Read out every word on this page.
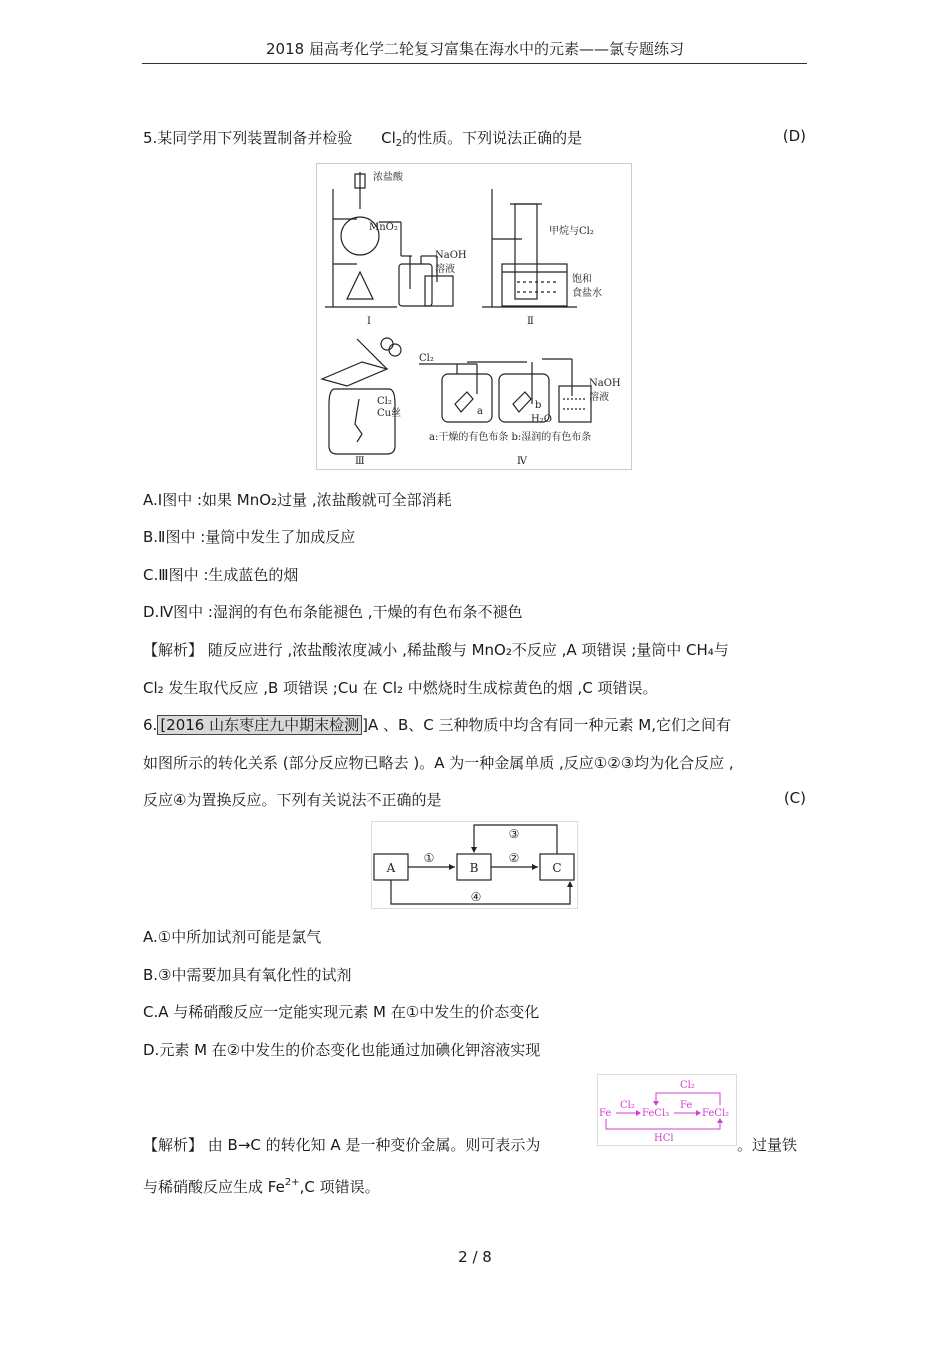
2018 届高考化学二轮复习富集在海水中的元素——氯专题练习
5.某同学用下列装置制备并检验 $Cl_2$的性质。下列说法正确的是	(D)
浓盐酸
MnO₂
NaOH
溶液
甲烷与Cl₂
饱和
食盐水
Ⅰ	Ⅱ
Cl₂
Cu丝
Ⅲ
Cl₂
a
b
H₂O
NaOH
溶液
a:干燥的有色布条 b:湿润的有色布条
Ⅳ
A.Ⅰ图中 :如果 MnO₂过量 ,浓盐酸就可全部消耗
B.Ⅱ图中 :量筒中发生了加成反应
C.Ⅲ图中 :生成蓝色的烟
D.Ⅳ图中 :湿润的有色布条能褪色 ,干燥的有色布条不褪色
【解析】 随反应进行 ,浓盐酸浓度减小 ,稀盐酸与 MnO₂不反应 ,A 项错误 ;量筒中 CH₄与
Cl₂ 发生取代反应 ,B 项错误 ;Cu 在 Cl₂ 中燃烧时生成棕黄色的烟 ,C 项错误。
6. [2016 山东枣庄九中期末检测 ]A 、B、C 三种物质中均含有同一种元素 M,它们之间有
如图所示的转化关系 (部分反应物已略去 )。A 为一种金属单质 ,反应①②③均为化合反应 ,
反应④为置换反应。下列有关说法不正确的是	(C)
A	B	C
①	②
③
④
A.①中所加试剂可能是氯气
B.③中需要加具有氧化性的试剂
C.A 与稀硝酸反应一定能实现元素 M 在①中发生的价态变化
D.元素 M 在②中发生的价态变化也能通过加碘化钾溶液实现
【解析】 由 B→C 的转化知 A 是一种变价金属。则可表示为
Fe	FeCl₃	FeCl₂
Cl₂	Fe
Cl₂
HCl	。过量铁
与稀硝酸反应生成 $Fe^{2+},C$ 项错误。
2 / 8
